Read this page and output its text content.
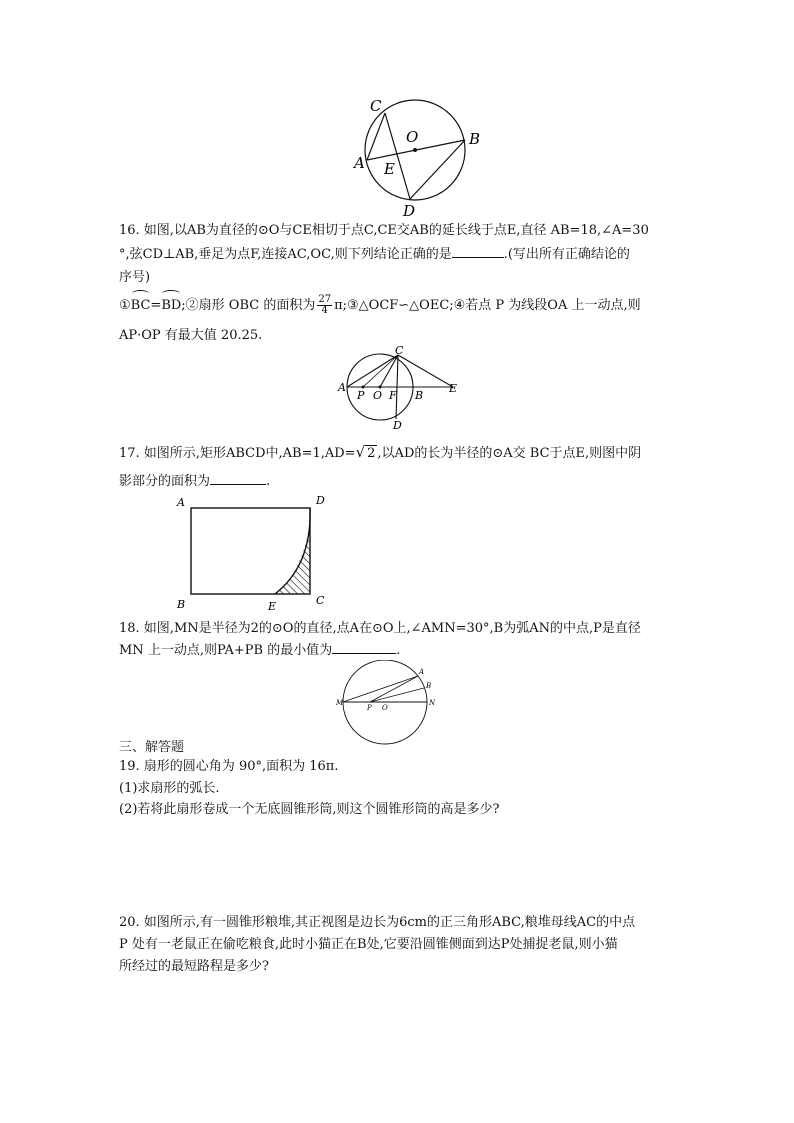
C
O	B
A E
D
16. 如图,以AB为直径的⊙O与CE相切于点C,CE交AB的延长线于点E,直径 AB=18,∠A=30
°,弦CD⊥AB,垂足为点F,连接AC,OC,则下列结论正确的是	.(写出所有正确结论的
序号)
①BC=BD;②扇形 OBC 的面积为 $\frac{27}{4}$ π;③△OCF∽△OEC;④若点 P 为线段OA 上一动点,则
AP·OP 有最大值 20.25.
C
A
P O F B
E
D
17. 如图所示,矩形ABCD中,AB=1,AD=√ 2 ,以AD的长为半径的⊙A交 BC于点E,则图中阴
影部分的面积为	.
A	D
B	E	C
18. 如图,MN是半径为2的⊙O的直径,点A在⊙O上,∠AMN=30°,B为弧AN的中点,P是直径
MN 上一动点,则PA+PB 的最小值为	.
M
P O
N
A
B
三、解答题
19. 扇形的圆心角为 90°,面积为 16π.
(1)求扇形的弧长.
(2)若将此扇形卷成一个无底圆锥形筒,则这个圆锥形筒的高是多少?
20. 如图所示,有一圆锥形粮堆,其正视图是边长为6cm的正三角形ABC,粮堆母线AC的中点
P 处有一老鼠正在偷吃粮食,此时小猫正在B处,它要沿圆锥侧面到达P处捕捉老鼠,则小猫
所经过的最短路程是多少?
